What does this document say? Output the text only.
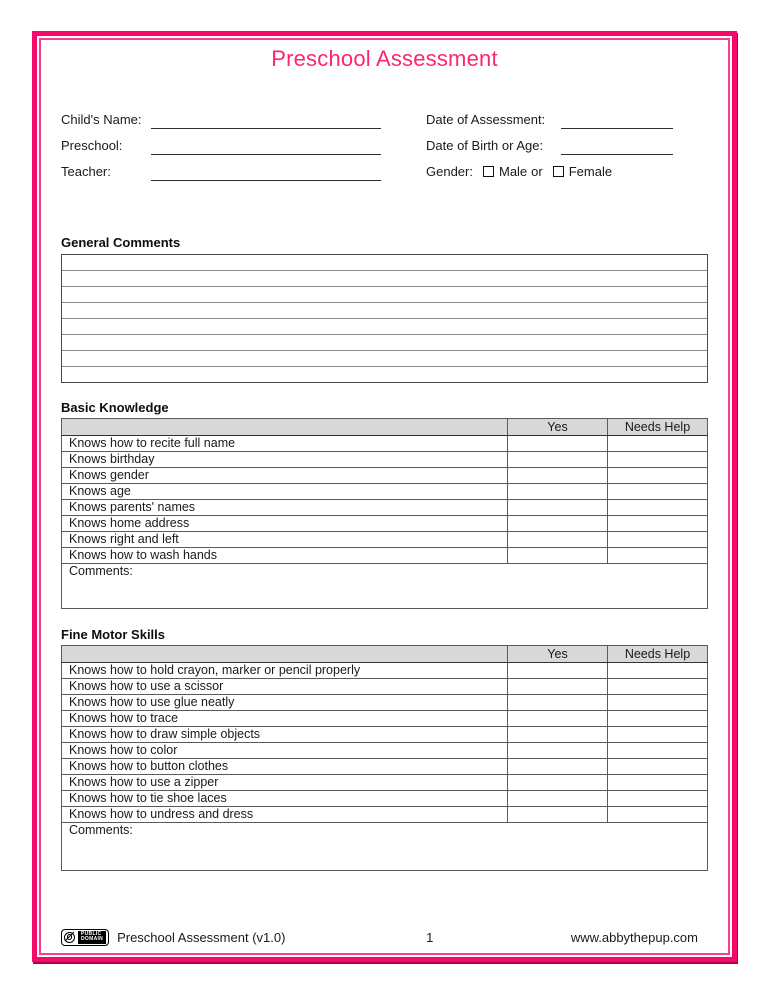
Preschool Assessment
Child's Name:
Preschool:
Teacher:
Date of Assessment:
Date of Birth or Age:
Gender: Male or Female
General Comments
Basic Knowledge
	Yes	Needs Help
Knows how to recite full name		
Knows birthday		
Knows gender		
Knows age		
Knows parents' names		
Knows home address		
Knows right and left		
Knows how to wash hands		
Comments:		
Fine Motor Skills
	Yes	Needs Help
Knows how to hold crayon, marker or pencil properly		
Knows how to use a scissor		
Knows how to use glue neatly		
Knows how to trace		
Knows how to draw simple objects		
Knows how to color		
Knows how to button clothes		
Knows how to use a zipper		
Knows how to tie shoe laces		
Knows how to undress and dress		
Comments:		
PUBLIC
DOMAIN Preschool Assessment (v1.0)	1	www.abbythepup.com
